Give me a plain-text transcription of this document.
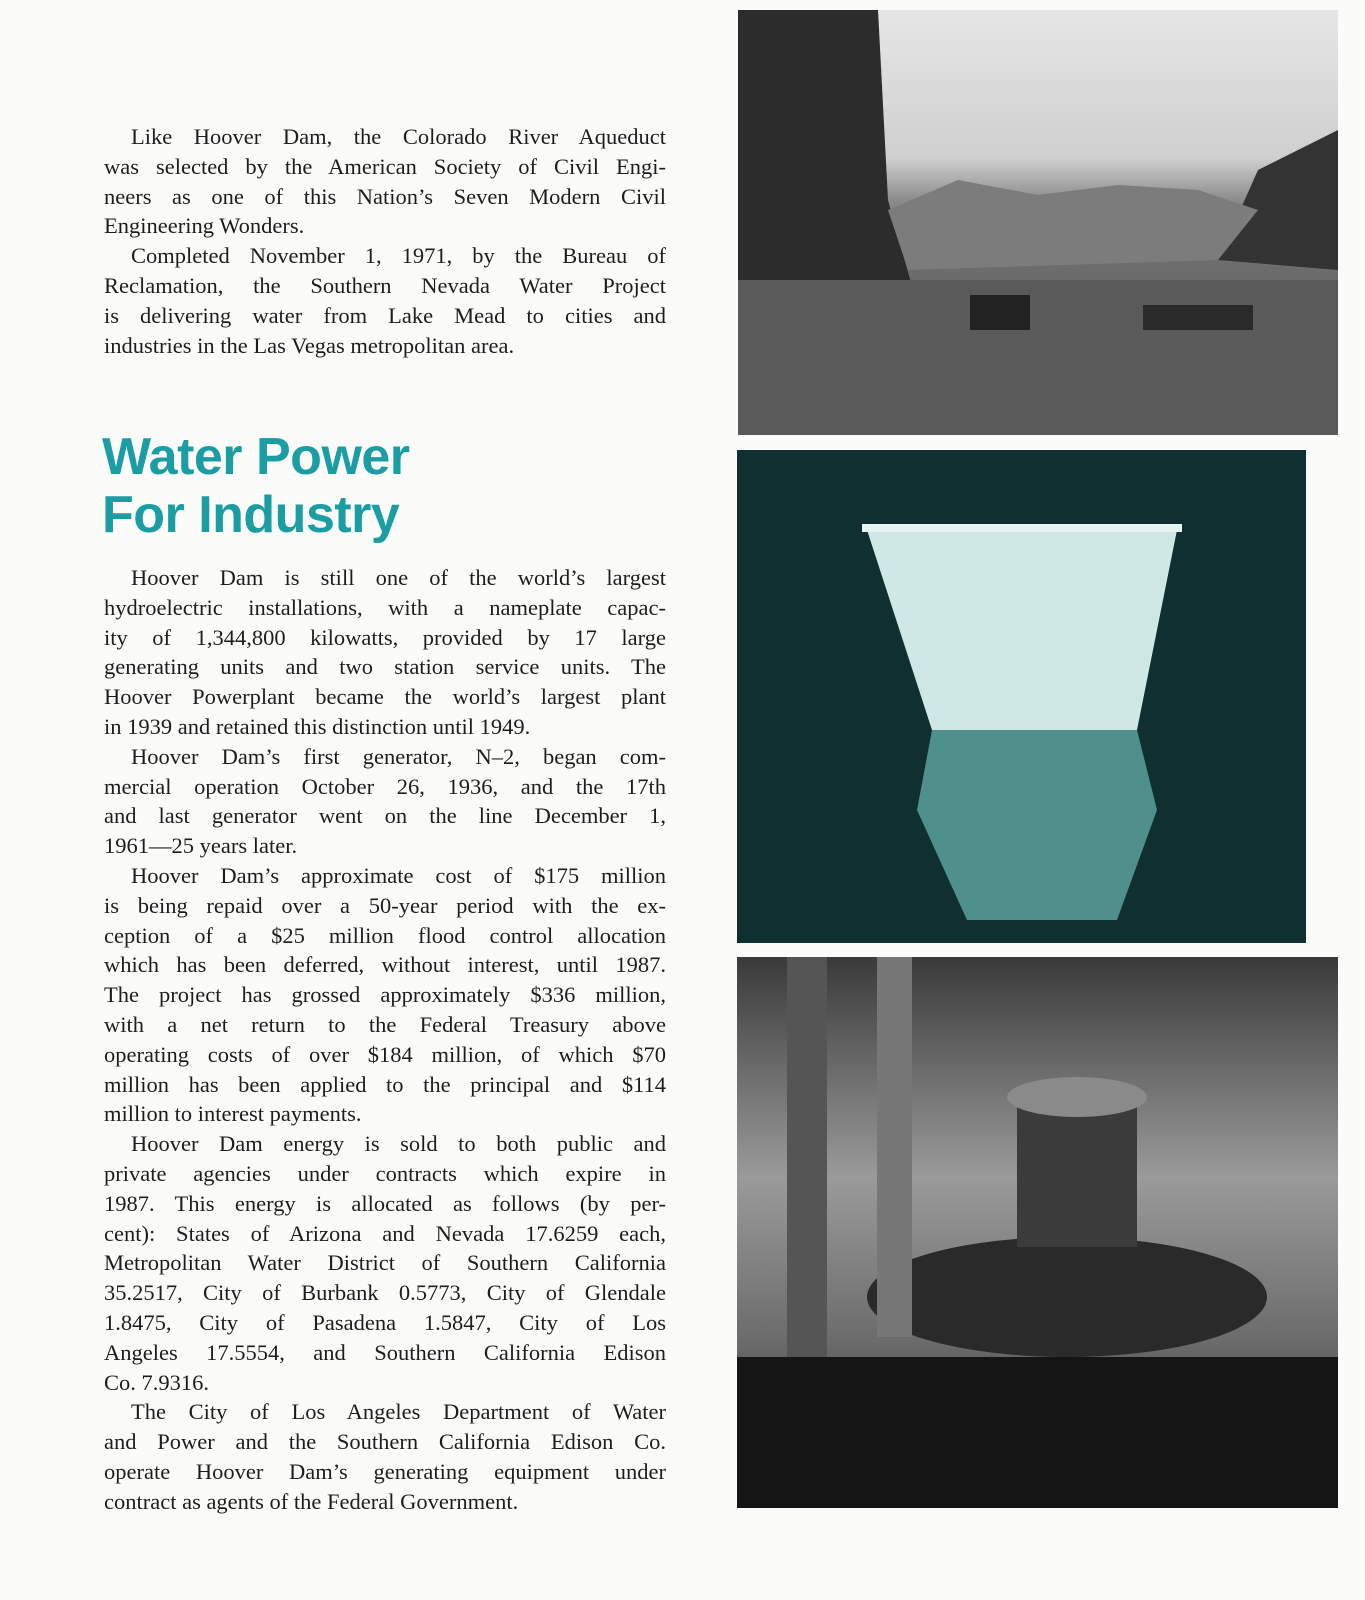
Like Hoover Dam, the Colorado River Aqueduct
was selected by the American Society of Civil Engi-
neers as one of this Nation’s Seven Modern Civil
Engineering Wonders.
Completed November 1, 1971, by the Bureau of
Reclamation, the Southern Nevada Water Project
is delivering water from Lake Mead to cities and
industries in the Las Vegas metropolitan area.
Water Power
For Industry
Hoover Dam is still one of the world’s largest
hydroelectric installations, with a nameplate capac-
ity of 1,344,800 kilowatts, provided by 17 large
generating units and two station service units. The
Hoover Powerplant became the world’s largest plant
in 1939 and retained this distinction until 1949.
Hoover Dam’s first generator, N–2, began com-
mercial operation October 26, 1936, and the 17th
and last generator went on the line December 1,
1961—25 years later.
Hoover Dam’s approximate cost of $175 million
is being repaid over a 50-year period with the ex-
ception of a $25 million flood control allocation
which has been deferred, without interest, until 1987.
The project has grossed approximately $336 million,
with a net return to the Federal Treasury above
operating costs of over $184 million, of which $70
million has been applied to the principal and $114
million to interest payments.
Hoover Dam energy is sold to both public and
private agencies under contracts which expire in
1987. This energy is allocated as follows (by per-
cent): States of Arizona and Nevada 17.6259 each,
Metropolitan Water District of Southern California
35.2517, City of Burbank 0.5773, City of Glendale
1.8475, City of Pasadena 1.5847, City of Los
Angeles 17.5554, and Southern California Edison
Co. 7.9316.
The City of Los Angeles Department of Water
and Power and the Southern California Edison Co.
operate Hoover Dam’s generating equipment under
contract as agents of the Federal Government.
